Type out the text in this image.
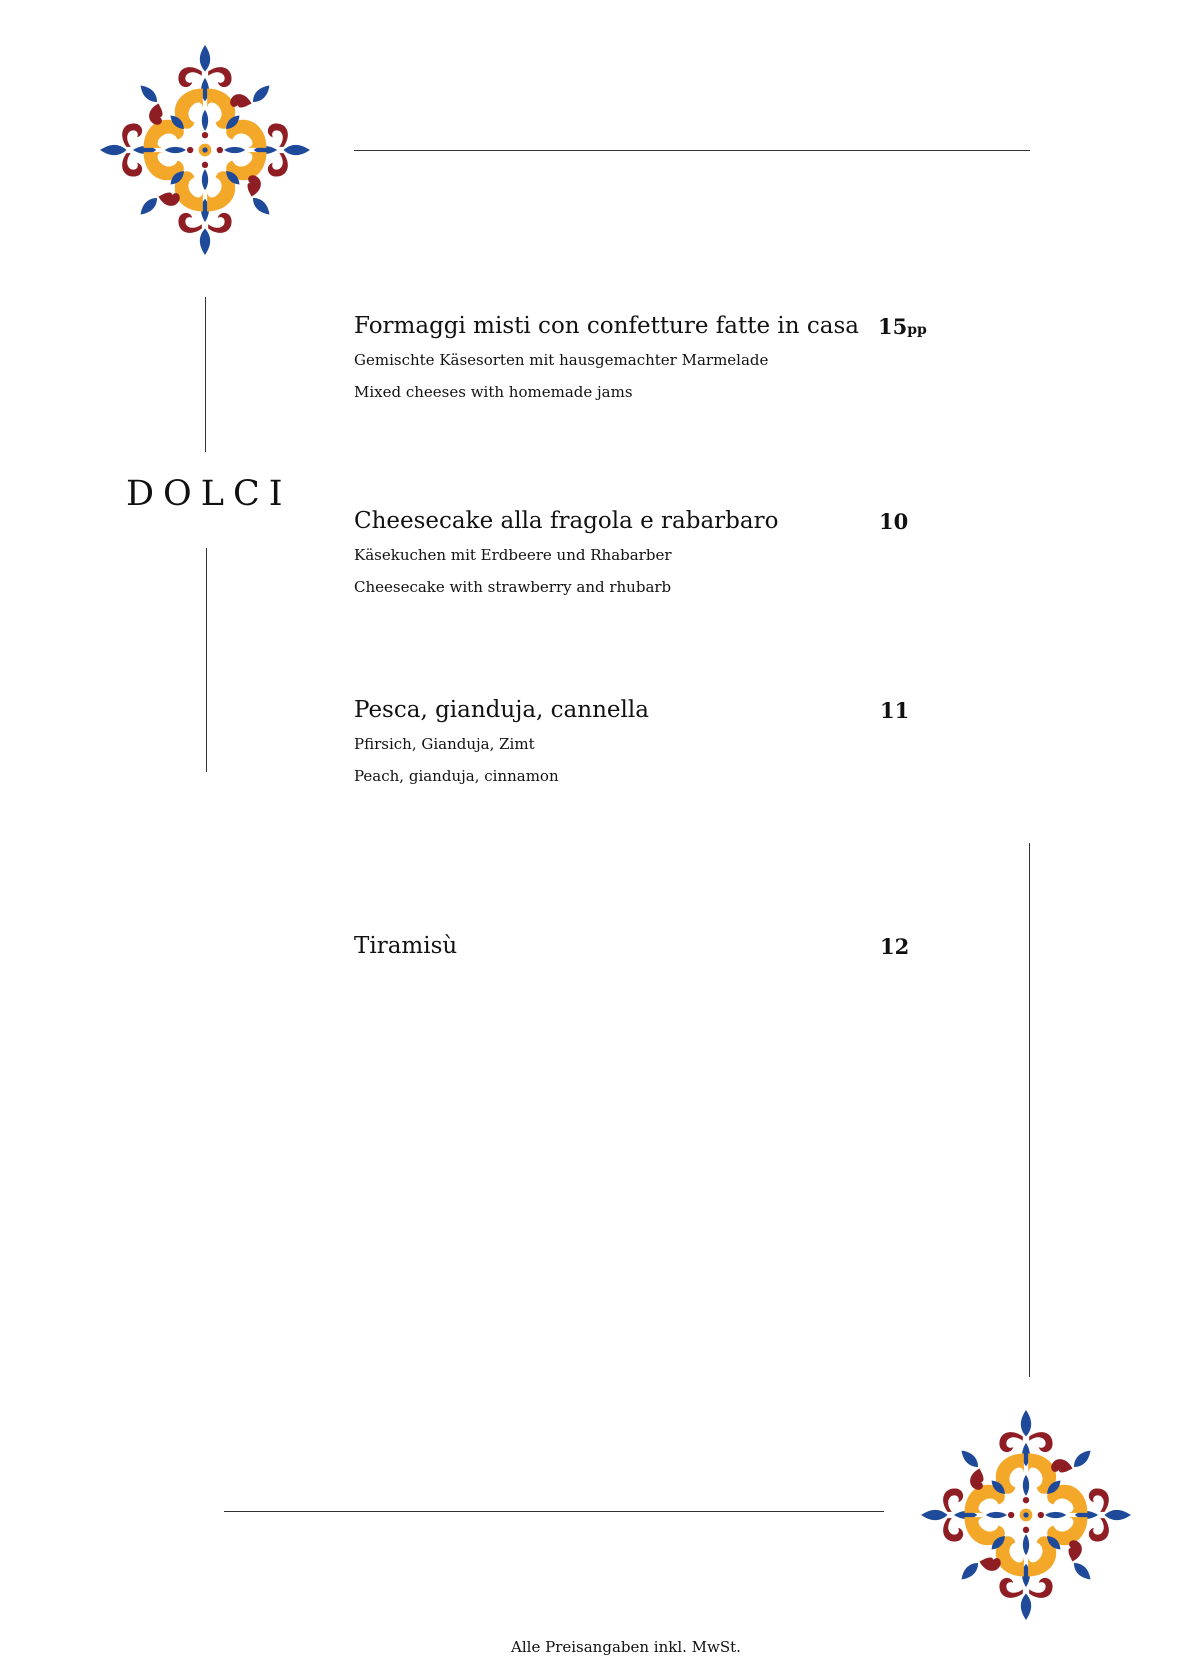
DOLCI
Formaggi misti con confetture fatte in casa 15pp
Gemischte Käsesorten mit hausgemachter Marmelade
Mixed cheeses with homemade jams
Cheesecake alla fragola e rabarbaro	10
Käsekuchen mit Erdbeere und Rhabarber
Cheesecake with strawberry and rhubarb
Pesca, gianduja, cannella	11
Pfirsich, Gianduja, Zimt
Peach, gianduja, cinnamon
Tiramisù	12
Alle Preisangaben inkl. MwSt.
